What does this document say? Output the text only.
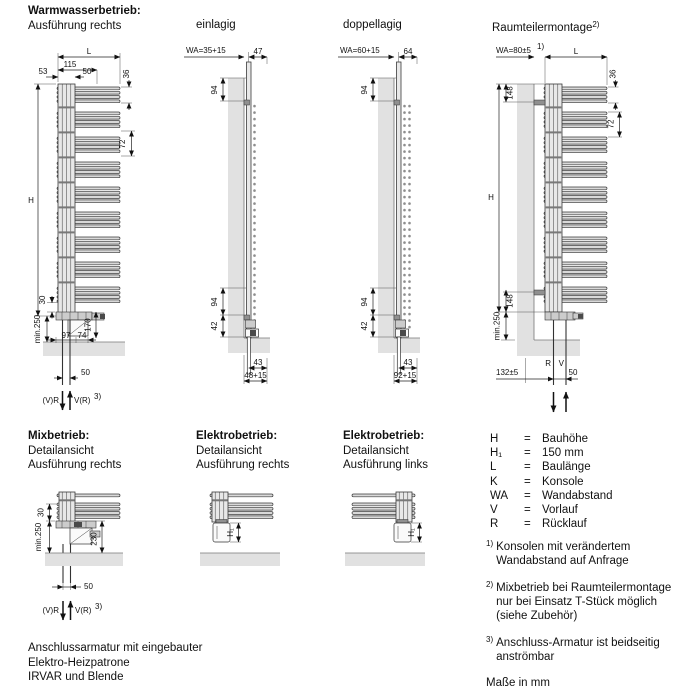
L
115
53	50	36
72
H
30
min.250	170
97 74
50
(V)R V(R) 3)
WA=35+15	47
94
94
42
43
48+15
WA=60+15	64
94
94
42
43
92+15
WA=80±5 1)
L
36
72
148
H
148
min.250
R V
132±5	50
30
min.250	230
50
(V)R V(R) 3)
H₁	H₁
Warmwasserbetrieb:
Ausführung rechts	einlagig	doppellagig	Raumteilermontage$^{2)}$
Mixbetrieb:
Detailansicht
Ausführung rechts
Elektrobetrieb:
Detailansicht
Ausführung rechts
Elektrobetrieb:
Detailansicht
Ausführung links
H	= Bauhöhe
H₁	= 150 mm
L	= Baulänge
K	= Konsole
WA	= Wandabstand
V	= Vorlauf
R	= Rücklauf
1) Konsolen mit verändertem Wandabstand auf Anfrage
2) Mixbetrieb bei Raumteilermontage nur bei Einsatz T-Stück möglich (siehe Zubehör)
3) Anschluss-Armatur ist beidseitig anströmbar
Maße in mm
Anschlussarmatur mit eingebauter
Elektro-Heizpatrone
IRVAR und Blende
